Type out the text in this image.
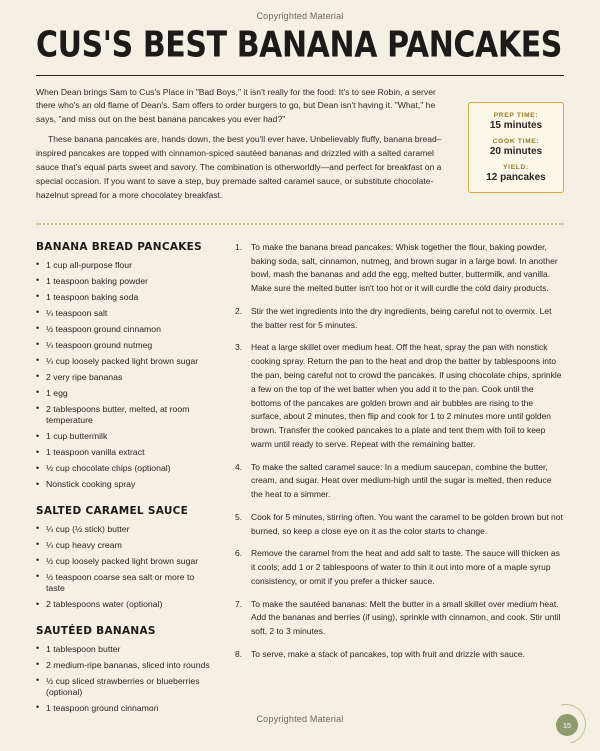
Copyrighted Material
CUS'S BEST BANANA PANCAKES

When Dean brings Sam to Cus's Place in "Bad Boys," it isn't really for the food: It's to see Robin, a server there who's an old flame of Dean's. Sam offers to order burgers to go, but Dean isn't having it. "What," he says, "and miss out on the best banana pancakes you ever had?"

These banana pancakes are, hands down, the best you'll ever have. Unbelievably fluffy, banana bread–inspired pancakes are topped with cinnamon-spiced sautéed bananas and drizzled with a salted caramel sauce that's equal parts sweet and savory. The combination is otherworldly—and perfect for breakfast on a special occasion. If you want to save a step, buy premade salted caramel sauce, or substitute chocolate-hazelnut spread for a more chocolatey breakfast.

PREP TIME:
15 minutes
COOK TIME:
20 minutes
YIELD:
12 pancakes
BANANA BREAD PANCAKES
• 1 cup all-purpose flour
• 1 teaspoon baking powder
• 1 teaspoon baking soda
• ¼ teaspoon salt
• ½ teaspoon ground cinnamon
• ¼ teaspoon ground nutmeg
• ¼ cup loosely packed light brown sugar
• 2 very ripe bananas
• 1 egg
• 2 tablespoons butter, melted, at room temperature
• 1 cup buttermilk
• 1 teaspoon vanilla extract
• ½ cup chocolate chips (optional)
• Nonstick cooking spray
SALTED CARAMEL SAUCE
• ¼ cup (½ stick) butter
• ¼ cup heavy cream
• ½ cup loosely packed light brown sugar
• ½ teaspoon coarse sea salt or more to taste
• 2 tablespoons water (optional)
SAUTÉED BANANAS
• 1 tablespoon butter
• 2 medium-ripe bananas, sliced into rounds
• ½ cup sliced strawberries or blueberries (optional)
• 1 teaspoon ground cinnamon
To make the banana bread pancakes: Whisk together the flour, baking powder, baking soda, salt, cinnamon, nutmeg, and brown sugar in a large bowl. In another bowl, mash the bananas and add the egg, melted butter, buttermilk, and vanilla. Make sure the melted butter isn't too hot or it will curdle the cold dairy products.
Stir the wet ingredients into the dry ingredients, being careful not to overmix. Let the batter rest for 5 minutes.
Heat a large skillet over medium heat. Off the heat, spray the pan with nonstick cooking spray. Return the pan to the heat and drop the batter by tablespoons into the pan, being careful not to crowd the pancakes. If using chocolate chips, sprinkle a few on the top of the wet batter when you add it to the pan. Cook until the bottoms of the pancakes are golden brown and air bubbles are rising to the surface, about 2 minutes, then flip and cook for 1 to 2 minutes more until golden brown. Transfer the cooked pancakes to a plate and tent them with foil to keep warm until ready to serve. Repeat with the remaining batter.
To make the salted caramel sauce: In a medium saucepan, combine the butter, cream, and sugar. Heat over medium-high until the sugar is melted, then reduce the heat to a simmer.
Cook for 5 minutes, stirring often. You want the caramel to be golden brown but not burned, so keep a close eye on it as the color starts to change.
Remove the caramel from the heat and add salt to taste. The sauce will thicken as it cools; add 1 or 2 tablespoons of water to thin it out into more of a maple syrup consistency, or omit if you prefer a thicker sauce.
To make the sautéed bananas: Melt the butter in a small skillet over medium heat. Add the bananas and berries (if using), sprinkle with cinnamon, and cook. Stir until soft, 2 to 3 minutes.
To serve, make a stack of pancakes, top with fruit and drizzle with sauce.
Copyrighted Material
15
